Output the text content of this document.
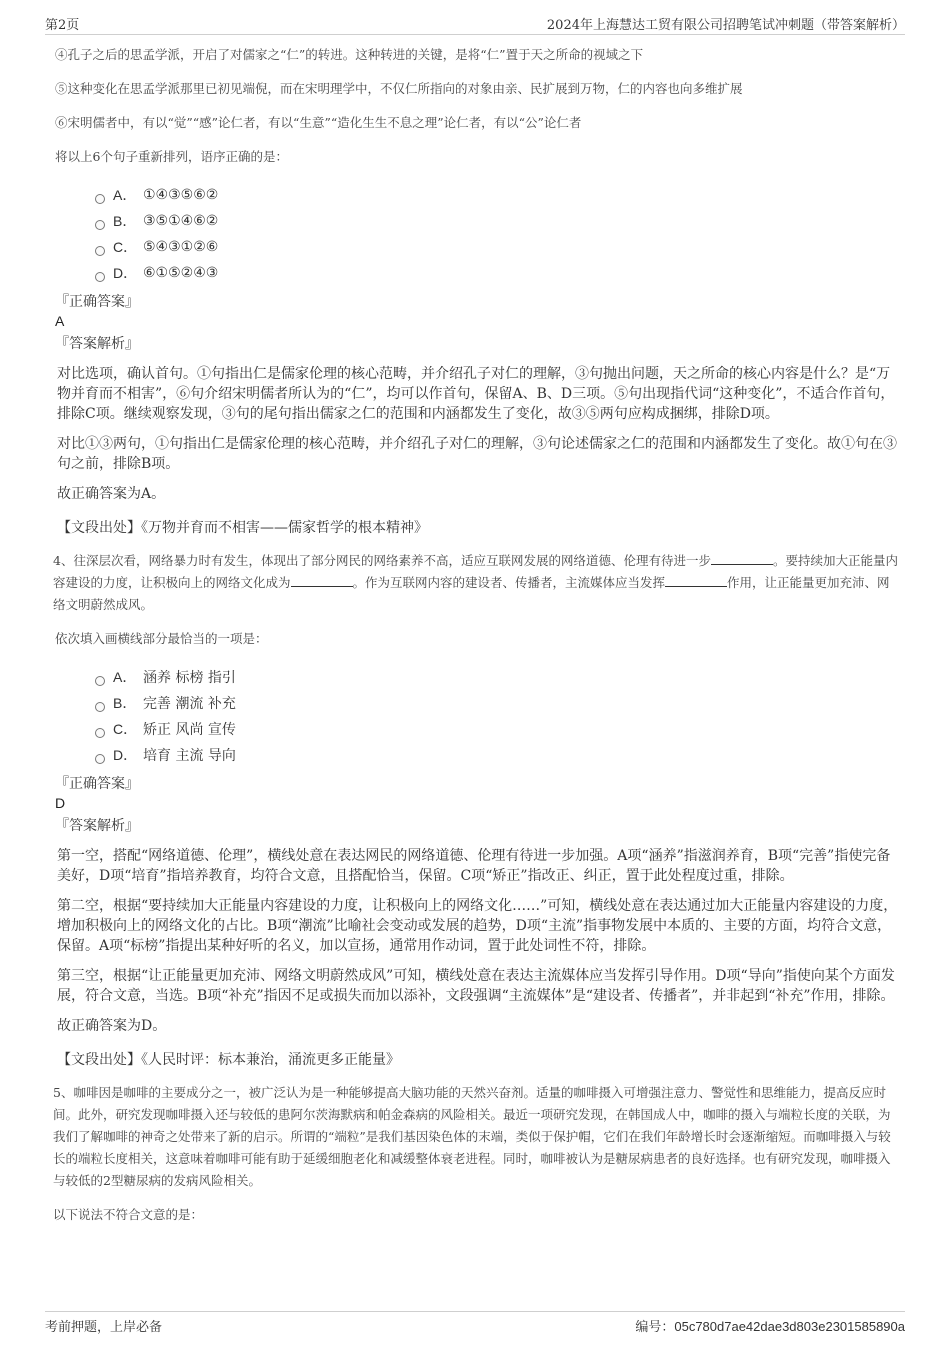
第2页	2024年上海慧达工贸有限公司招聘笔试冲刺题（带答案解析）

④孔子之后的思孟学派，开启了对儒家之“仁”的转进。这种转进的关键，是将“仁”置于天之所命的视域之下

⑤这种变化在思孟学派那里已初见端倪，而在宋明理学中，不仅仁所指向的对象由亲、民扩展到万物，仁的内容也向多维扩展

⑥宋明儒者中，有以“觉”“感”论仁者，有以“生意”“造化生生不息之理”论仁者，有以“公”论仁者

将以上6个句子重新排列，语序正确的是：

A． ①④③⑤⑥②
B． ③⑤①④⑥②
C． ⑤④③①②⑥
D． ⑥①⑤②④③
『正确答案』
A
『答案解析』

对比选项，确认首句。①句指出仁是儒家伦理的核心范畴，并介绍孔子对仁的理解，③句抛出问题，天之所命的核心内容是什么？是“万物并育而不相害”，⑥句介绍宋明儒者所认为的“仁”，均可以作首句，保留A、B、D三项。⑤句出现指代词“这种变化”，不适合作首句，排除C项。继续观察发现，③句的尾句指出儒家之仁的范围和内涵都发生了变化，故③⑤两句应构成捆绑，排除D项。

对比①③两句，①句指出仁是儒家伦理的核心范畴，并介绍孔子对仁的理解，③句论述儒家之仁的范围和内涵都发生了变化。故①句在③句之前，排除B项。

故正确答案为A。

【文段出处】《万物并育而不相害——儒家哲学的根本精神》

4、往深层次看，网络暴力时有发生，体现出了部分网民的网络素养不高，适应互联网发展的网络道德、伦理有待进一步	。要持续加大正能量内容建设的力度，让积极向上的网络文化成为	。作为互联网内容的建设者、传播者，主流媒体应当发挥	作用，让正能量更加充沛、网络文明蔚然成风。

依次填入画横线部分最恰当的一项是：

A． 涵养 标榜 指引
B． 完善 潮流 补充
C． 矫正 风尚 宣传
D． 培育 主流 导向
『正确答案』
D
『答案解析』

第一空，搭配“网络道德、伦理”，横线处意在表达网民的网络道德、伦理有待进一步加强。A项“涵养”指滋润养育，B项“完善”指使完备美好，D项“培育”指培养教育，均符合文意，且搭配恰当，保留。C项“矫正”指改正、纠正，置于此处程度过重，排除。

第二空，根据“要持续加大正能量内容建设的力度，让积极向上的网络文化……”可知，横线处意在表达通过加大正能量内容建设的力度，增加积极向上的网络文化的占比。B项“潮流”比喻社会变动或发展的趋势，D项“主流”指事物发展中本质的、主要的方面，均符合文意，保留。A项“标榜”指提出某种好听的名义，加以宣扬，通常用作动词，置于此处词性不符，排除。

第三空，根据“让正能量更加充沛、网络文明蔚然成风”可知，横线处意在表达主流媒体应当发挥引导作用。D项“导向”指使向某个方面发展，符合文意，当选。B项“补充”指因不足或损失而加以添补，文段强调“主流媒体”是“建设者、传播者”，并非起到“补充”作用，排除。

故正确答案为D。

【文段出处】《人民时评：标本兼治，涌流更多正能量》

5、咖啡因是咖啡的主要成分之一，被广泛认为是一种能够提高大脑功能的天然兴奋剂。适量的咖啡摄入可增强注意力、警觉性和思维能力，提高反应时间。此外，研究发现咖啡摄入还与较低的患阿尔茨海默病和帕金森病的风险相关。最近一项研究发现，在韩国成人中，咖啡的摄入与端粒长度的关联，为我们了解咖啡的神奇之处带来了新的启示。所谓的“端粒”是我们基因染色体的末端，类似于保护帽，它们在我们年龄增长时会逐渐缩短。而咖啡摄入与较长的端粒长度相关，这意味着咖啡可能有助于延缓细胞老化和减缓整体衰老进程。同时，咖啡被认为是糖尿病患者的良好选择。也有研究发现，咖啡摄入与较低的2型糖尿病的发病风险相关。

以下说法不符合文意的是：

考前押题，上岸必备	编号：05c780d7ae42dae3d803e2301585890a
